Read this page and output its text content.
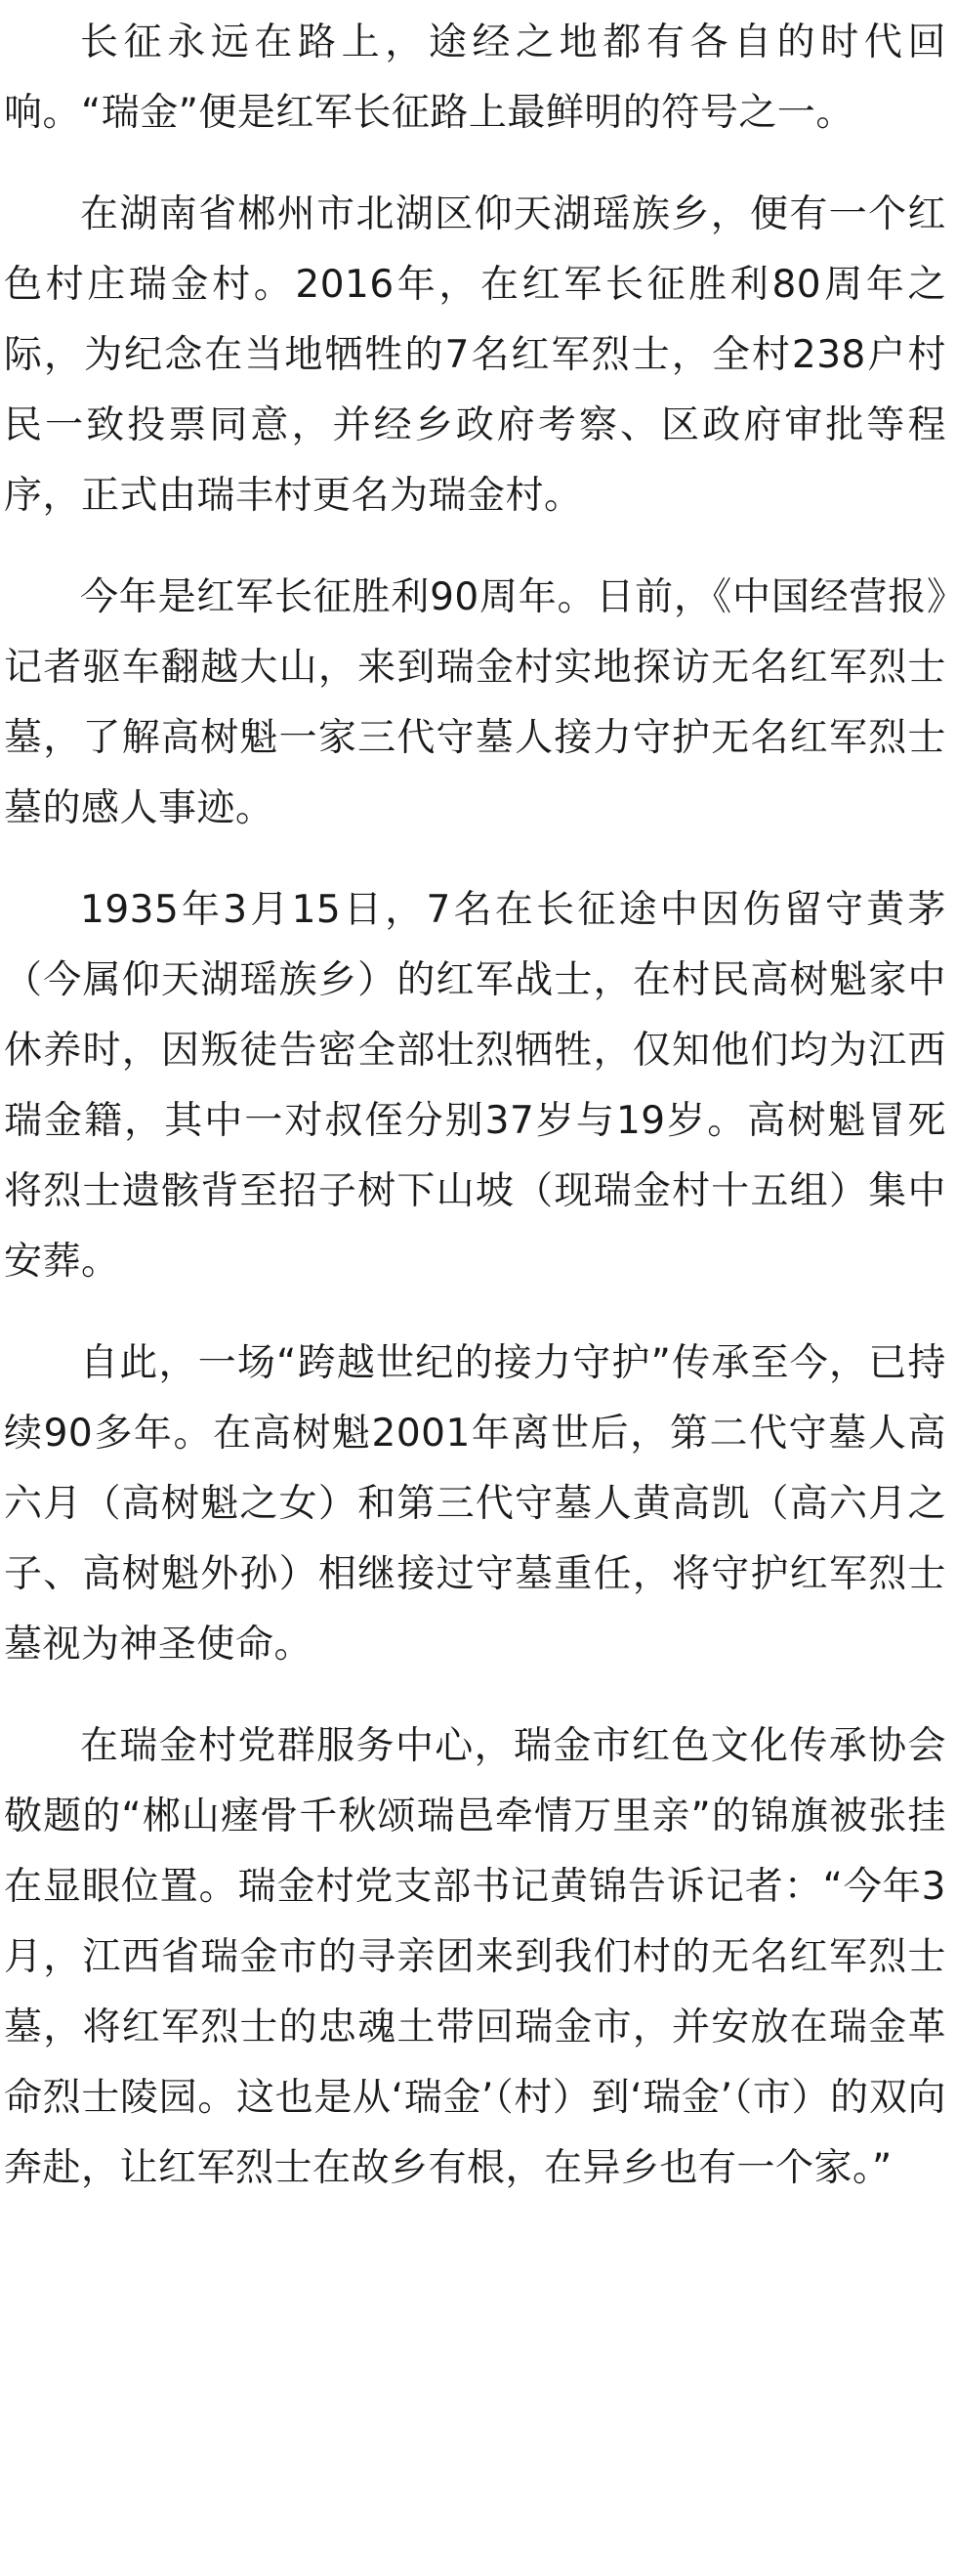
长征永远在路上，途经之地都有各自的时代回响。“瑞金”便是红军长征路上最鲜明的符号之一。

在湖南省郴州市北湖区仰天湖瑶族乡，便有一个红色村庄瑞金村。2016年，在红军长征胜利80周年之际，为纪念在当地牺牲的7名红军烈士，全村238户村民一致投票同意，并经乡政府考察、区政府审批等程序，正式由瑞丰村更名为瑞金村。

今年是红军长征胜利90周年。日前，《中国经营报》记者驱车翻越大山，来到瑞金村实地探访无名红军烈士墓，了解高树魁一家三代守墓人接力守护无名红军烈士墓的感人事迹。

1935年3月15日，7名在长征途中因伤留守黄茅（今属仰天湖瑶族乡）的红军战士，在村民高树魁家中休养时，因叛徒告密全部壮烈牺牲，仅知他们均为江西瑞金籍，其中一对叔侄分别37岁与19岁。高树魁冒死将烈士遗骸背至招子树下山坡（现瑞金村十五组）集中安葬。

自此，一场“跨越世纪的接力守护”传承至今，已持续90多年。在高树魁2001年离世后，第二代守墓人高六月（高树魁之女）和第三代守墓人黄高凯（高六月之子、高树魁外孙）相继接过守墓重任，将守护红军烈士墓视为神圣使命。

在瑞金村党群服务中心，瑞金市红色文化传承协会敬题的“郴山瘗骨千秋颂瑞邑牵情万里亲”的锦旗被张挂在显眼位置。瑞金村党支部书记黄锦告诉记者：“今年3月，江西省瑞金市的寻亲团来到我们村的无名红军烈士墓，将红军烈士的忠魂土带回瑞金市，并安放在瑞金革命烈士陵园。这也是从‘瑞金’（村）到‘瑞金’（市）的双向奔赴，让红军烈士在故乡有根，在异乡也有一个家。”
